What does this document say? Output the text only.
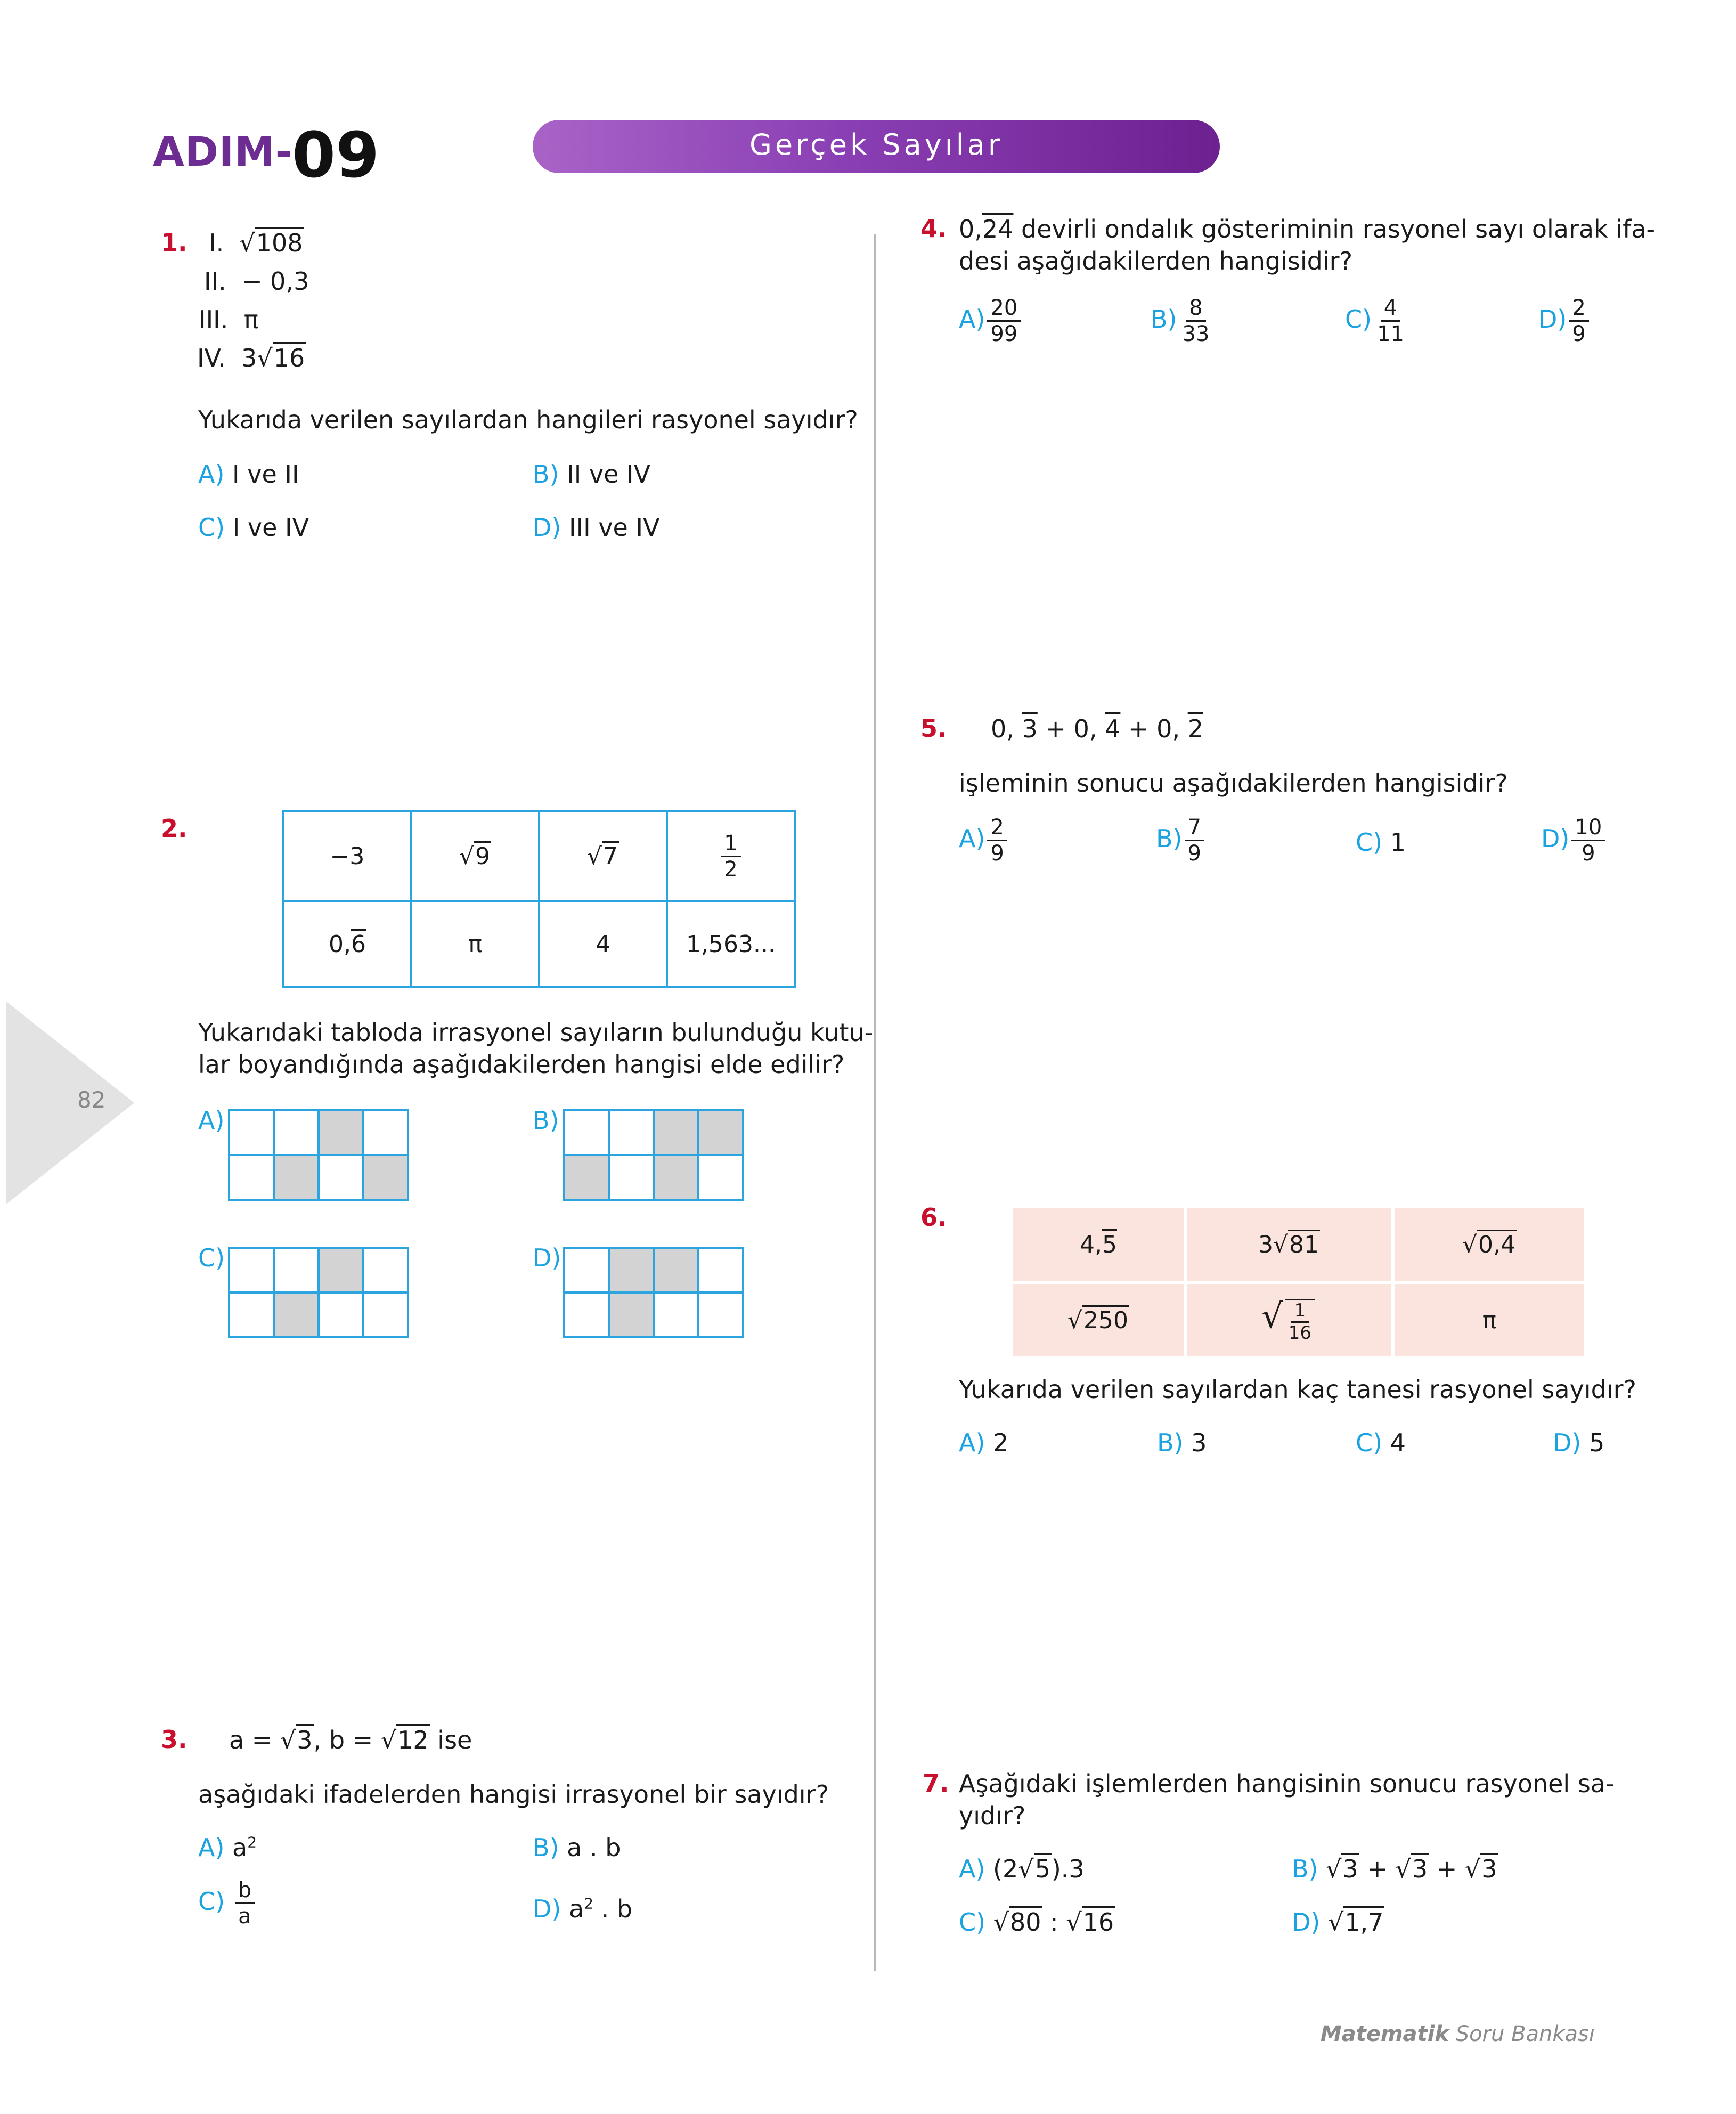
ADIM-
09	Gerçek Sayılar
82
1. I. √108
II. − 0,3
III. π
IV. 3√16
Yukarıda verilen sayılardan hangileri rasyonel sayıdır?
A) I ve II	B) II ve IV
C) I ve IV	D) III ve IV
2.
−3	√9	√7	$\frac{1}{2}$

0,6	π	4	1,563...
Yukarıdaki tabloda irrasyonel sayıların bulunduğu kutu-
lar boyandığında aşağıdakilerden hangisi elde edilir?
A)

				B)

C)

				D)

3. a = √3, b = √12 ise
aşağıdaki ifadelerden hangisi irrasyonel bir sayıdır?
A) $a^2$	B) a . b
$C) \frac{b}{a}$	D) $a^2$ . b
4. 0,24 devirli ondalık gösteriminin rasyonel sayı olarak ifa-
desi aşağıdakilerden hangisidir?
$A) \frac{20}{99}$	$B) \frac{8}{33}$	$C) \frac{4}{11}$	$D) \frac{2}{9}$
5. 0, 3 + 0, 4 + 0, 2
işleminin sonucu aşağıdakilerden hangisidir?
$A) \frac{2}{9}$	$B) \frac{7}{9}$	C) 1	$D) \frac{10}{9}$
6.
4,5	3√81	√0,4
√250	√ $\frac{1}{16}$	π
Yukarıda verilen sayılardan kaç tanesi rasyonel sayıdır?
A) 2	B) 3	C) 4	D) 5
7. Aşağıdaki işlemlerden hangisinin sonucu rasyonel sa-
yıdır?
A) (2√5).3	B) √3 + √3 + √3
C) √80 : √16	D) √1,7
Matematik Soru Bankası
